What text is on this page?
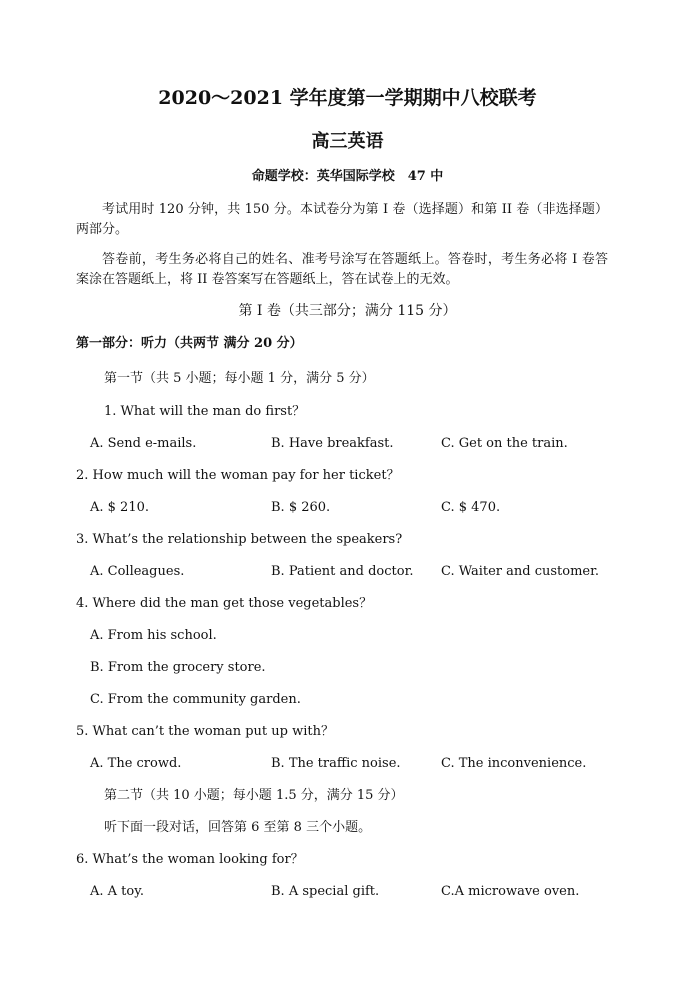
2020～2021 学年度第一学期期中八校联考
高三英语
命题学校：英华国际学校　47 中
考试用时 120 分钟，共 150 分。本试卷分为第 I 卷（选择题）和第 II 卷（非选择题）两部分。
答卷前，考生务必将自己的姓名、准考号涂写在答题纸上。答卷时，考生务必将 I 卷答案涂在答题纸上，将 II 卷答案写在答题纸上，答在试卷上的无效。
第 I 卷（共三部分；满分 115 分）
第一部分：听力（共两节 满分 20 分）
第一节（共 5 小题；每小题 1 分，满分 5 分）
1. What will the man do first？
A. Send e-mails.	B. Have breakfast.	C. Get on the train.
2. How much will the woman pay for her ticket？
A. $ 210.	B. $ 260.	C. $ 470.
3. What’s the relationship between the speakers?
A. Colleagues.	B. Patient and doctor. C. Waiter and customer.
4. Where did the man get those vegetables？
A. From his school.
B. From the grocery store.
C. From the community garden.
5. What can’t the woman put up with？
A. The crowd.	B. The traffic noise.	C. The inconvenience.
第二节（共 10 小题；每小题 1.5 分，满分 15 分）
听下面一段对话，回答第 6 至第 8 三个小题。
6. What’s the woman looking for？
A. A toy.	B. A special gift.	C.A microwave oven.
